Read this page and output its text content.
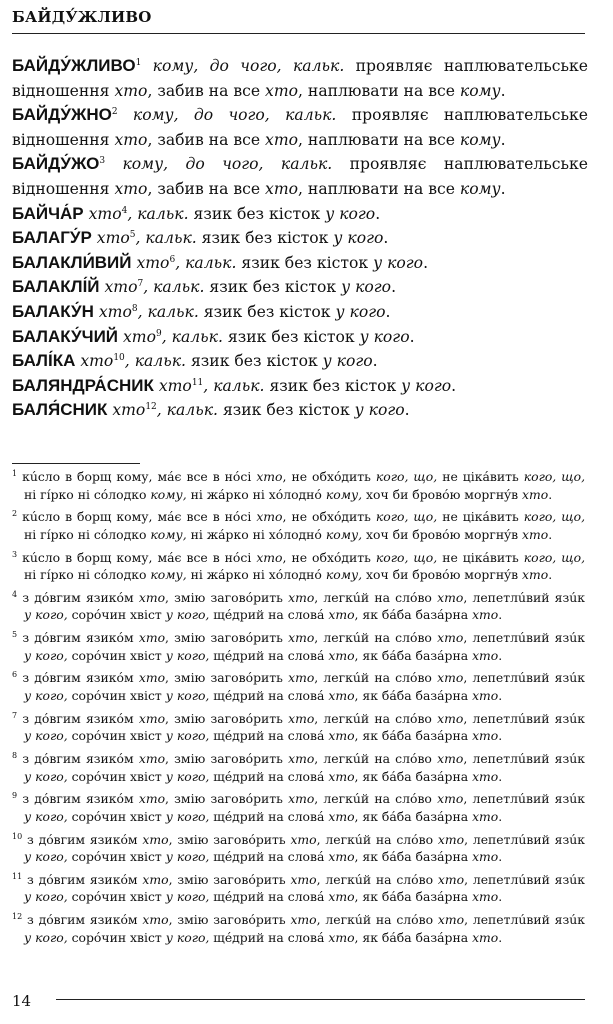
БАЙДУ́ЖЛИВО
БАЙДУ́ЖЛИВО$^1$ кому, до чого, кальк. проявляє наплювательське відношення хто, забив на все хто, наплювати на все кому.
БАЙДУ́ЖНО$^2$ кому, до чого, кальк. проявляє наплювательське відношення хто, забив на все хто, наплювати на все кому.
$БАЙДУ́ЖО^3$ кому, до чого, кальк. проявляє наплювательське відношення хто, забив на все хто, наплювати на все кому.
БАЙЧА́Р хто$^4$, кальк. язик без кісток у кого.
БАЛАГУ́Р хто$^5$, кальк. язик без кісток у кого.
БАЛАКЛИ́ВИЙ хто$^6$, кальк. язик без кісток у кого.
БАЛАКЛІ́Й хто$^7$, кальк. язик без кісток у кого.
БАЛАКУ́Н хто$^8$, кальк. язик без кісток у кого.
БАЛАКУ́ЧИЙ хто$^9$, кальк. язик без кісток у кого.
БАЛІ́КА хто$^{10}$, кальк. язик без кісток у кого.
БАЛЯНДРА́СНИК хто$^{11}$, кальк. язик без кісток у кого.
БАЛЯ́СНИК хто$^{12}$, кальк. язик без кісток у кого.
$^1$ кúсло в борщ кому, мáє все в нóсі хто, не обхóдить кого, що, не цікáвить кого, що,
ні гíрко ні сóлодко кому, ні жáрко ні хóлоднó кому, хоч би бровóю моргнýв хто.
$^2$ кúсло в борщ кому, мáє все в нóсі хто, не обхóдить кого, що, не цікáвить кого, що,
ні гíрко ні сóлодко кому, ні жáрко ні хóлоднó кому, хоч би бровóю моргнýв хто.
$^3$ кúсло в борщ кому, мáє все в нóсі хто, не обхóдить кого, що, не цікáвить кого, що,
ні гíрко ні сóлодко кому, ні жáрко ні хóлоднó кому, хоч би бровóю моргнýв хто.
$^4$ з дóвгим язикóм хто, змію заговóрить хто, легкúй на слóво хто, лепетлúвий язúк
у кого, сорóчин хвіст у кого, щéдрий на словá хто, як бáба базáрна хто.
$^5$ з дóвгим язикóм хто, змію заговóрить хто, легкúй на слóво хто, лепетлúвий язúк
у кого, сорóчин хвіст у кого, щéдрий на словá хто, як бáба базáрна хто.
$^6$ з дóвгим язикóм хто, змію заговóрить хто, легкúй на слóво хто, лепетлúвий язúк
у кого, сорóчин хвіст у кого, щéдрий на словá хто, як бáба базáрна хто.
$^7$ з дóвгим язикóм хто, змію заговóрить хто, легкúй на слóво хто, лепетлúвий язúк
у кого, сорóчин хвіст у кого, щéдрий на словá хто, як бáба базáрна хто.
$^8$ з дóвгим язикóм хто, змію заговóрить хто, легкúй на слóво хто, лепетлúвий язúк
у кого, сорóчин хвіст у кого, щéдрий на словá хто, як бáба базáрна хто.
$^9$ з дóвгим язикóм хто, змію заговóрить хто, легкúй на слóво хто, лепетлúвий язúк
у кого, сорóчин хвіст у кого, щéдрий на словá хто, як бáба базáрна хто.
$^{10}$ з дóвгим язикóм хто, змію заговóрить хто, легкúй на слóво хто, лепетлúвий язúк
у кого, сорóчин хвіст у кого, щéдрий на словá хто, як бáба базáрна хто.
$^{11}$ з дóвгим язикóм хто, змію заговóрить хто, легкúй на слóво хто, лепетлúвий язúк
у кого, сорóчин хвіст у кого, щéдрий на словá хто, як бáба базáрна хто.
$^{12}$ з дóвгим язикóм хто, змію заговóрить хто, легкúй на слóво хто, лепетлúвий язúк
у кого, сорóчин хвіст у кого, щéдрий на словá хто, як бáба базáрна хто.
14
